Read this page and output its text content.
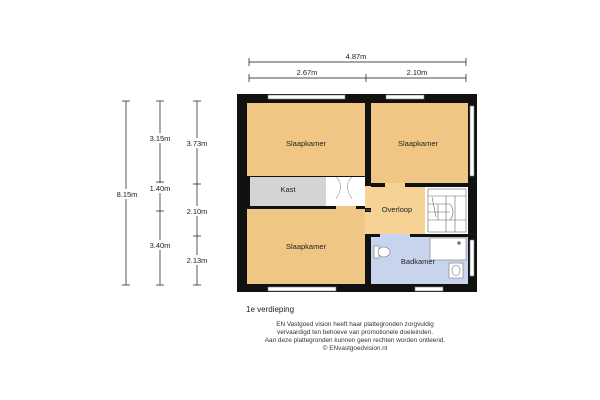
4.87m
2.67m	2.10m
8.15m
3.15m
1.40m
3.40m
3.73m
2.10m
2.13m
Slaapkamer	Slaapkamer
Kast
Slaapkamer
Overloop
Badkamer
1e verdieping
EN Vastgoed vision heeft haar plattegronden zorgvuldig
vervaardigd ten behoeve van promotionele doeleinden.
Aan deze plattegronden kunnen geen rechten worden ontleend.
© ENvastgoedvision.nl
